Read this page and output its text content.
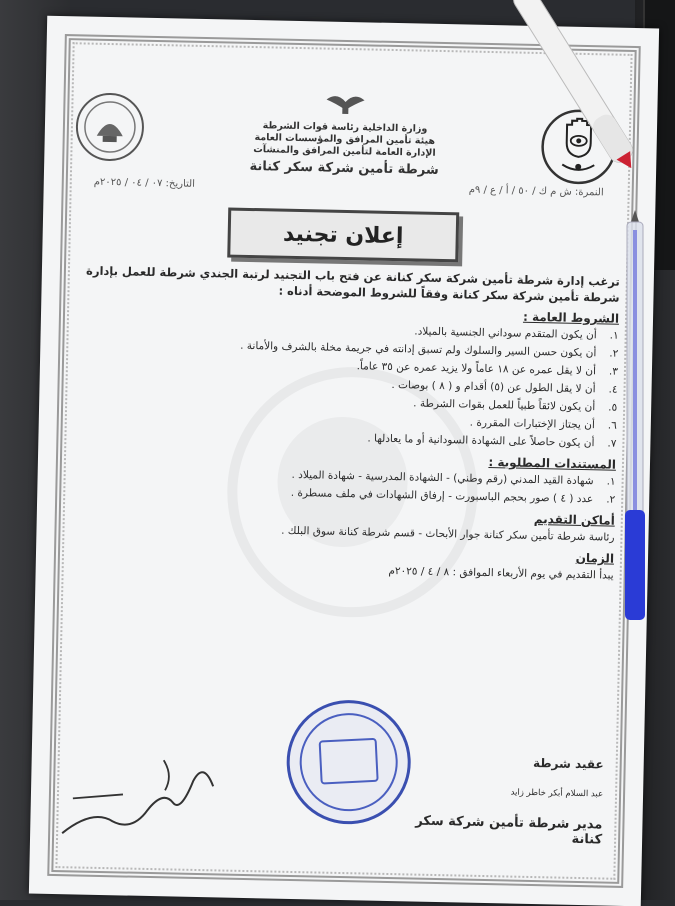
وزارة الداخلية رئاسة قوات الشرطة
هيئة تأمين المرافق والمؤسسات العامة
الإدارة العامة لتأمين المرافق والمنشآت
شرطة تأمين شركة سكر كنانة
التاريخ: ٠٧ / ٠٤ / ٢٠٢٥م
النمرة: ش م ك / ٥٠ / أ / ع / ٩م
إعلان تجنيد
ترغب إدارة شرطة تأمين شركة سكر كنانة عن فتح باب التجنيد لرتبة الجندي شرطة للعمل بإدارة شرطة تأمين شركة سكر كنانة وفقاً للشروط الموضحة أدناه :
الشروط العامة :
١.
أن يكون المتقدم سوداني الجنسية بالميلاد.
٢.
أن يكون حسن السير والسلوك ولم تسبق إدانته في جريمة مخلة بالشرف والأمانة .
٣.
أن لا يقل عمره عن ١٨ عاماً ولا يزيد عمره عن ٣٥ عاماً.
٤.
أن لا يقل الطول عن (٥) أقدام و ( ٨ ) بوصات .
٥.
أن يكون لائقاً طبياً للعمل بقوات الشرطة .
٦.
أن يجتاز الإختبارات المقررة .
٧.
أن يكون حاصلاً على الشهادة السودانية أو ما يعادلها .
المستندات المطلوبة :
١.
شهادة القيد المدني (رقم وطني) - الشهادة المدرسية - شهادة الميلاد .
٢.
عدد ( ٤ ) صور بحجم الباسبورت - إرفاق الشهادات في ملف مسطرة .
أماكن التقديم
رئاسة شرطة تأمين سكر كنانة جوار الأبحاث - قسم شرطة كنانة سوق البلك .
الزمان
يبدأ التقديم في يوم الأربعاء الموافق : ٨ / ٤ / ٢٠٢٥م
عقيد شرطة
عبد السلام أبكر خاطر زايد
مدير شرطة تأمين شركة سكر كنانة
